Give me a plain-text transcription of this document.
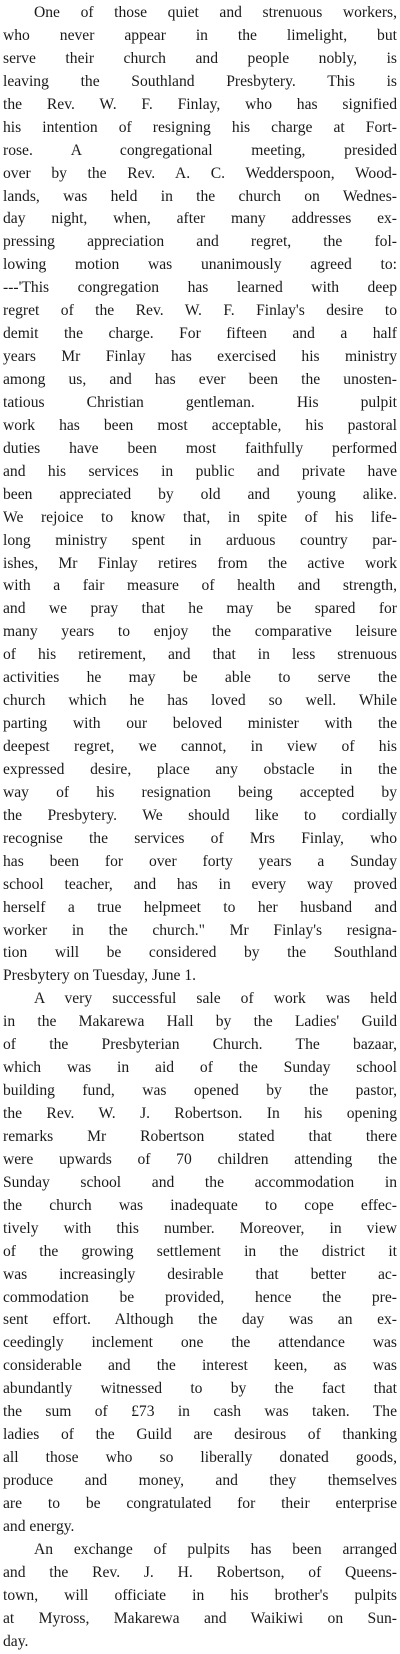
One of those quiet and strenuous workers,
who never appear in the limelight, but
serve their church and people nobly, is
leaving the Southland Presbytery. This is
the Rev. W. F. Finlay, who has signified
his intention of resigning his charge at Fort-
rose. A congregational meeting, presided
over by the Rev. A. C. Wedderspoon, Wood-
lands, was held in the church on Wednes-
day night, when, after many addresses ex-
pressing appreciation and regret, the fol-
lowing motion was unanimously agreed to:
---'This congregation has learned with deep
regret of the Rev. W. F. Finlay's desire to
demit the charge. For fifteen and a half
years Mr Finlay has exercised his ministry
among us, and has ever been the unosten-
tatious Christian gentleman. His pulpit
work has been most acceptable, his pastoral
duties have been most faithfully performed
and his services in public and private have
been appreciated by old and young alike.
We rejoice to know that, in spite of his life-
long ministry spent in arduous country par-
ishes, Mr Finlay retires from the active work
with a fair measure of health and strength,
and we pray that he may be spared for
many years to enjoy the comparative leisure
of his retirement, and that in less strenuous
activities he may be able to serve the
church which he has loved so well. While
parting with our beloved minister with the
deepest regret, we cannot, in view of his
expressed desire, place any obstacle in the
way of his resignation being accepted by
the Presbytery. We should like to cordially
recognise the services of Mrs Finlay, who
has been for over forty years a Sunday
school teacher, and has in every way proved
herself a true helpmeet to her husband and
worker in the church." Mr Finlay's resigna-
tion will be considered by the Southland
Presbytery on Tuesday, June 1.

A very successful sale of work was held
in the Makarewa Hall by the Ladies' Guild
of the Presbyterian Church. The bazaar,
which was in aid of the Sunday school
building fund, was opened by the pastor,
the Rev. W. J. Robertson. In his opening
remarks Mr Robertson stated that there
were upwards of 70 children attending the
Sunday school and the accommodation in
the church was inadequate to cope effec-
tively with this number. Moreover, in view
of the growing settlement in the district it
was increasingly desirable that better ac-
commodation be provided, hence the pre-
sent effort. Although the day was an ex-
ceedingly inclement one the attendance was
considerable and the interest keen, as was
abundantly witnessed to by the fact that
the sum of £73 in cash was taken. The
ladies of the Guild are desirous of thanking
all those who so liberally donated goods,
produce and money, and they themselves
are to be congratulated for their enterprise
and energy.

An exchange of pulpits has been arranged
and the Rev. J. H. Robertson, of Queens-
town, will officiate in his brother's pulpits
at Myross, Makarewa and Waikiwi on Sun-
day.
